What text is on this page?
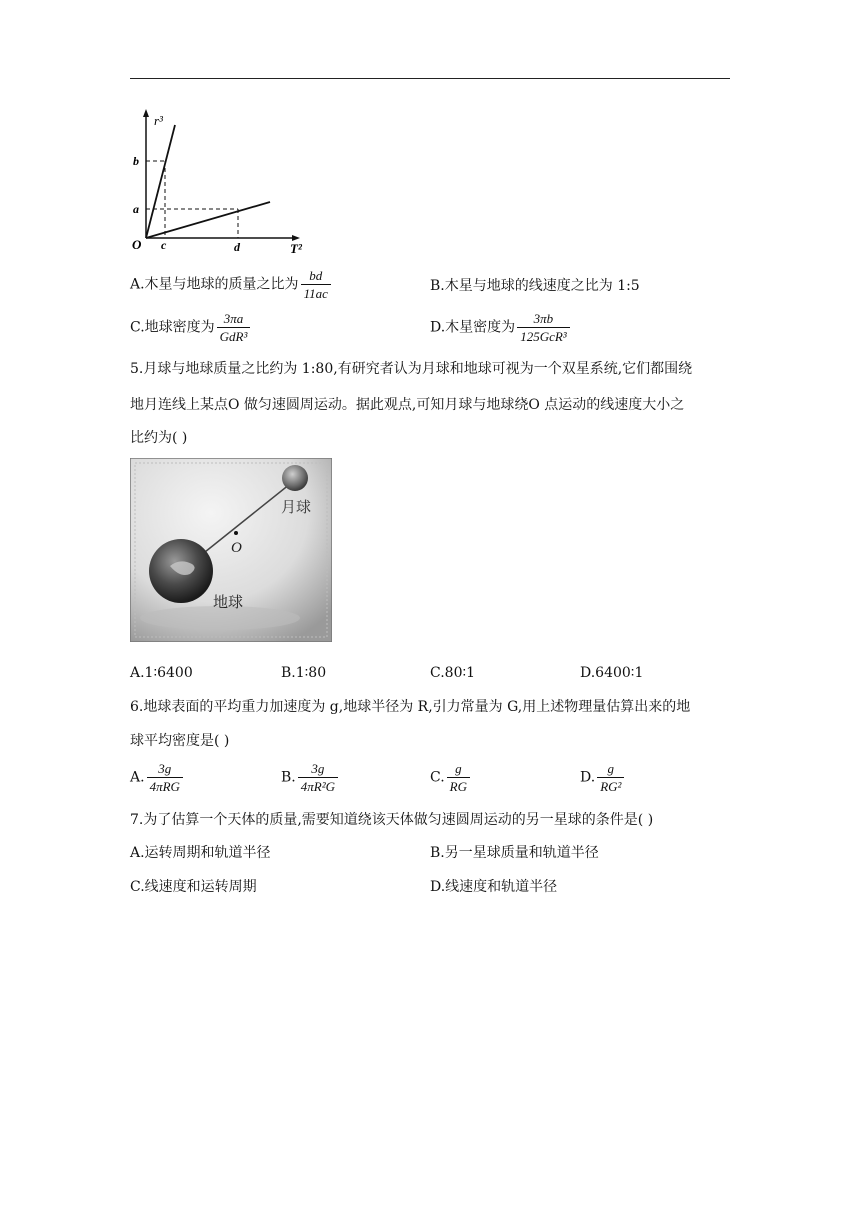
r³
T²
O
b
a
c	d
A.木星与地球的质量之比为 $\frac{bd}{11ac}$	B.木星与地球的线速度之比为 1:5
C.地球密度为 $\frac{3\pi a}{\text{GdR³}}$	D.木星密度为 $\frac{3\pi b}{\text{125GcR³}}$
5.月球与地球质量之比约为 1:80,有研究者认为月球和地球可视为一个双星系统,它们都围绕
地月连线上某点O 做匀速圆周运动。据此观点,可知月球与地球绕O 点运动的线速度大小之
比约为( )
月球
O
地球
A.1∶6400	B.1∶80	C.80∶1	D.6400∶1
6.地球表面的平均重力加速度为 g,地球半径为 R,引力常量为 G,用上述物理量估算出来的地
球平均密度是( )
A. $\frac{3g}{\text{4πRG}}$	B. $\frac{3g}{\text{4πR²G}}$	C. $\frac{g}{RG}$	D. $\frac{g}{\text{RG²}}$
7.为了估算一个天体的质量,需要知道绕该天体做匀速圆周运动的另一星球的条件是( )
A.运转周期和轨道半径	B.另一星球质量和轨道半径
C.线速度和运转周期	D.线速度和轨道半径
